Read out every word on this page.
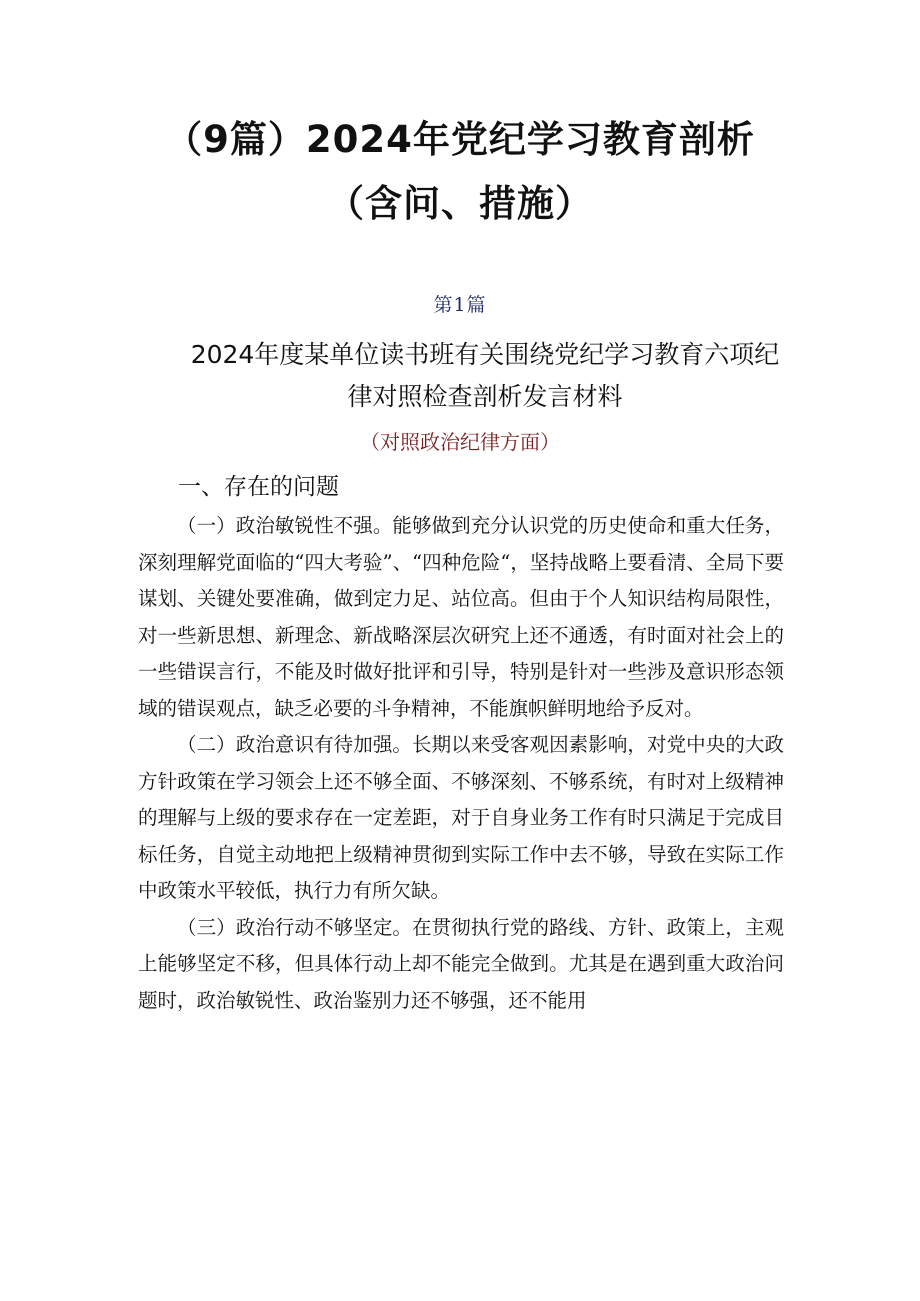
（9篇）2024年党纪学习教育剖析（含问、措施）
第1篇
2024年度某单位读书班有关围绕党纪学习教育六项纪律对照检查剖析发言材料
（对照政治纪律方面）
一、存在的问题

（一）政治敏锐性不强。能够做到充分认识党的历史使命和重大任务，深刻理解党面临的“四大考验”、“四种危险“，坚持战略上要看清、全局下要谋划、关键处要准确，做到定力足、站位高。但由于个人知识结构局限性，对一些新思想、新理念、新战略深层次研究上还不通透，有时面对社会上的一些错误言行，不能及时做好批评和引导，特别是针对一些涉及意识形态领域的错误观点，缺乏必要的斗争精神，不能旗帜鲜明地给予反对。

（二）政治意识有待加强。长期以来受客观因素影响，对党中央的大政方针政策在学习领会上还不够全面、不够深刻、不够系统，有时对上级精神的理解与上级的要求存在一定差距，对于自身业务工作有时只满足于完成目标任务，自觉主动地把上级精神贯彻到实际工作中去不够，导致在实际工作中政策水平较低，执行力有所欠缺。

（三）政治行动不够坚定。在贯彻执行党的路线、方针、政策上，主观上能够坚定不移，但具体行动上却不能完全做到。尤其是在遇到重大政治问题时，政治敏锐性、政治鉴别力还不够强，还不能用
